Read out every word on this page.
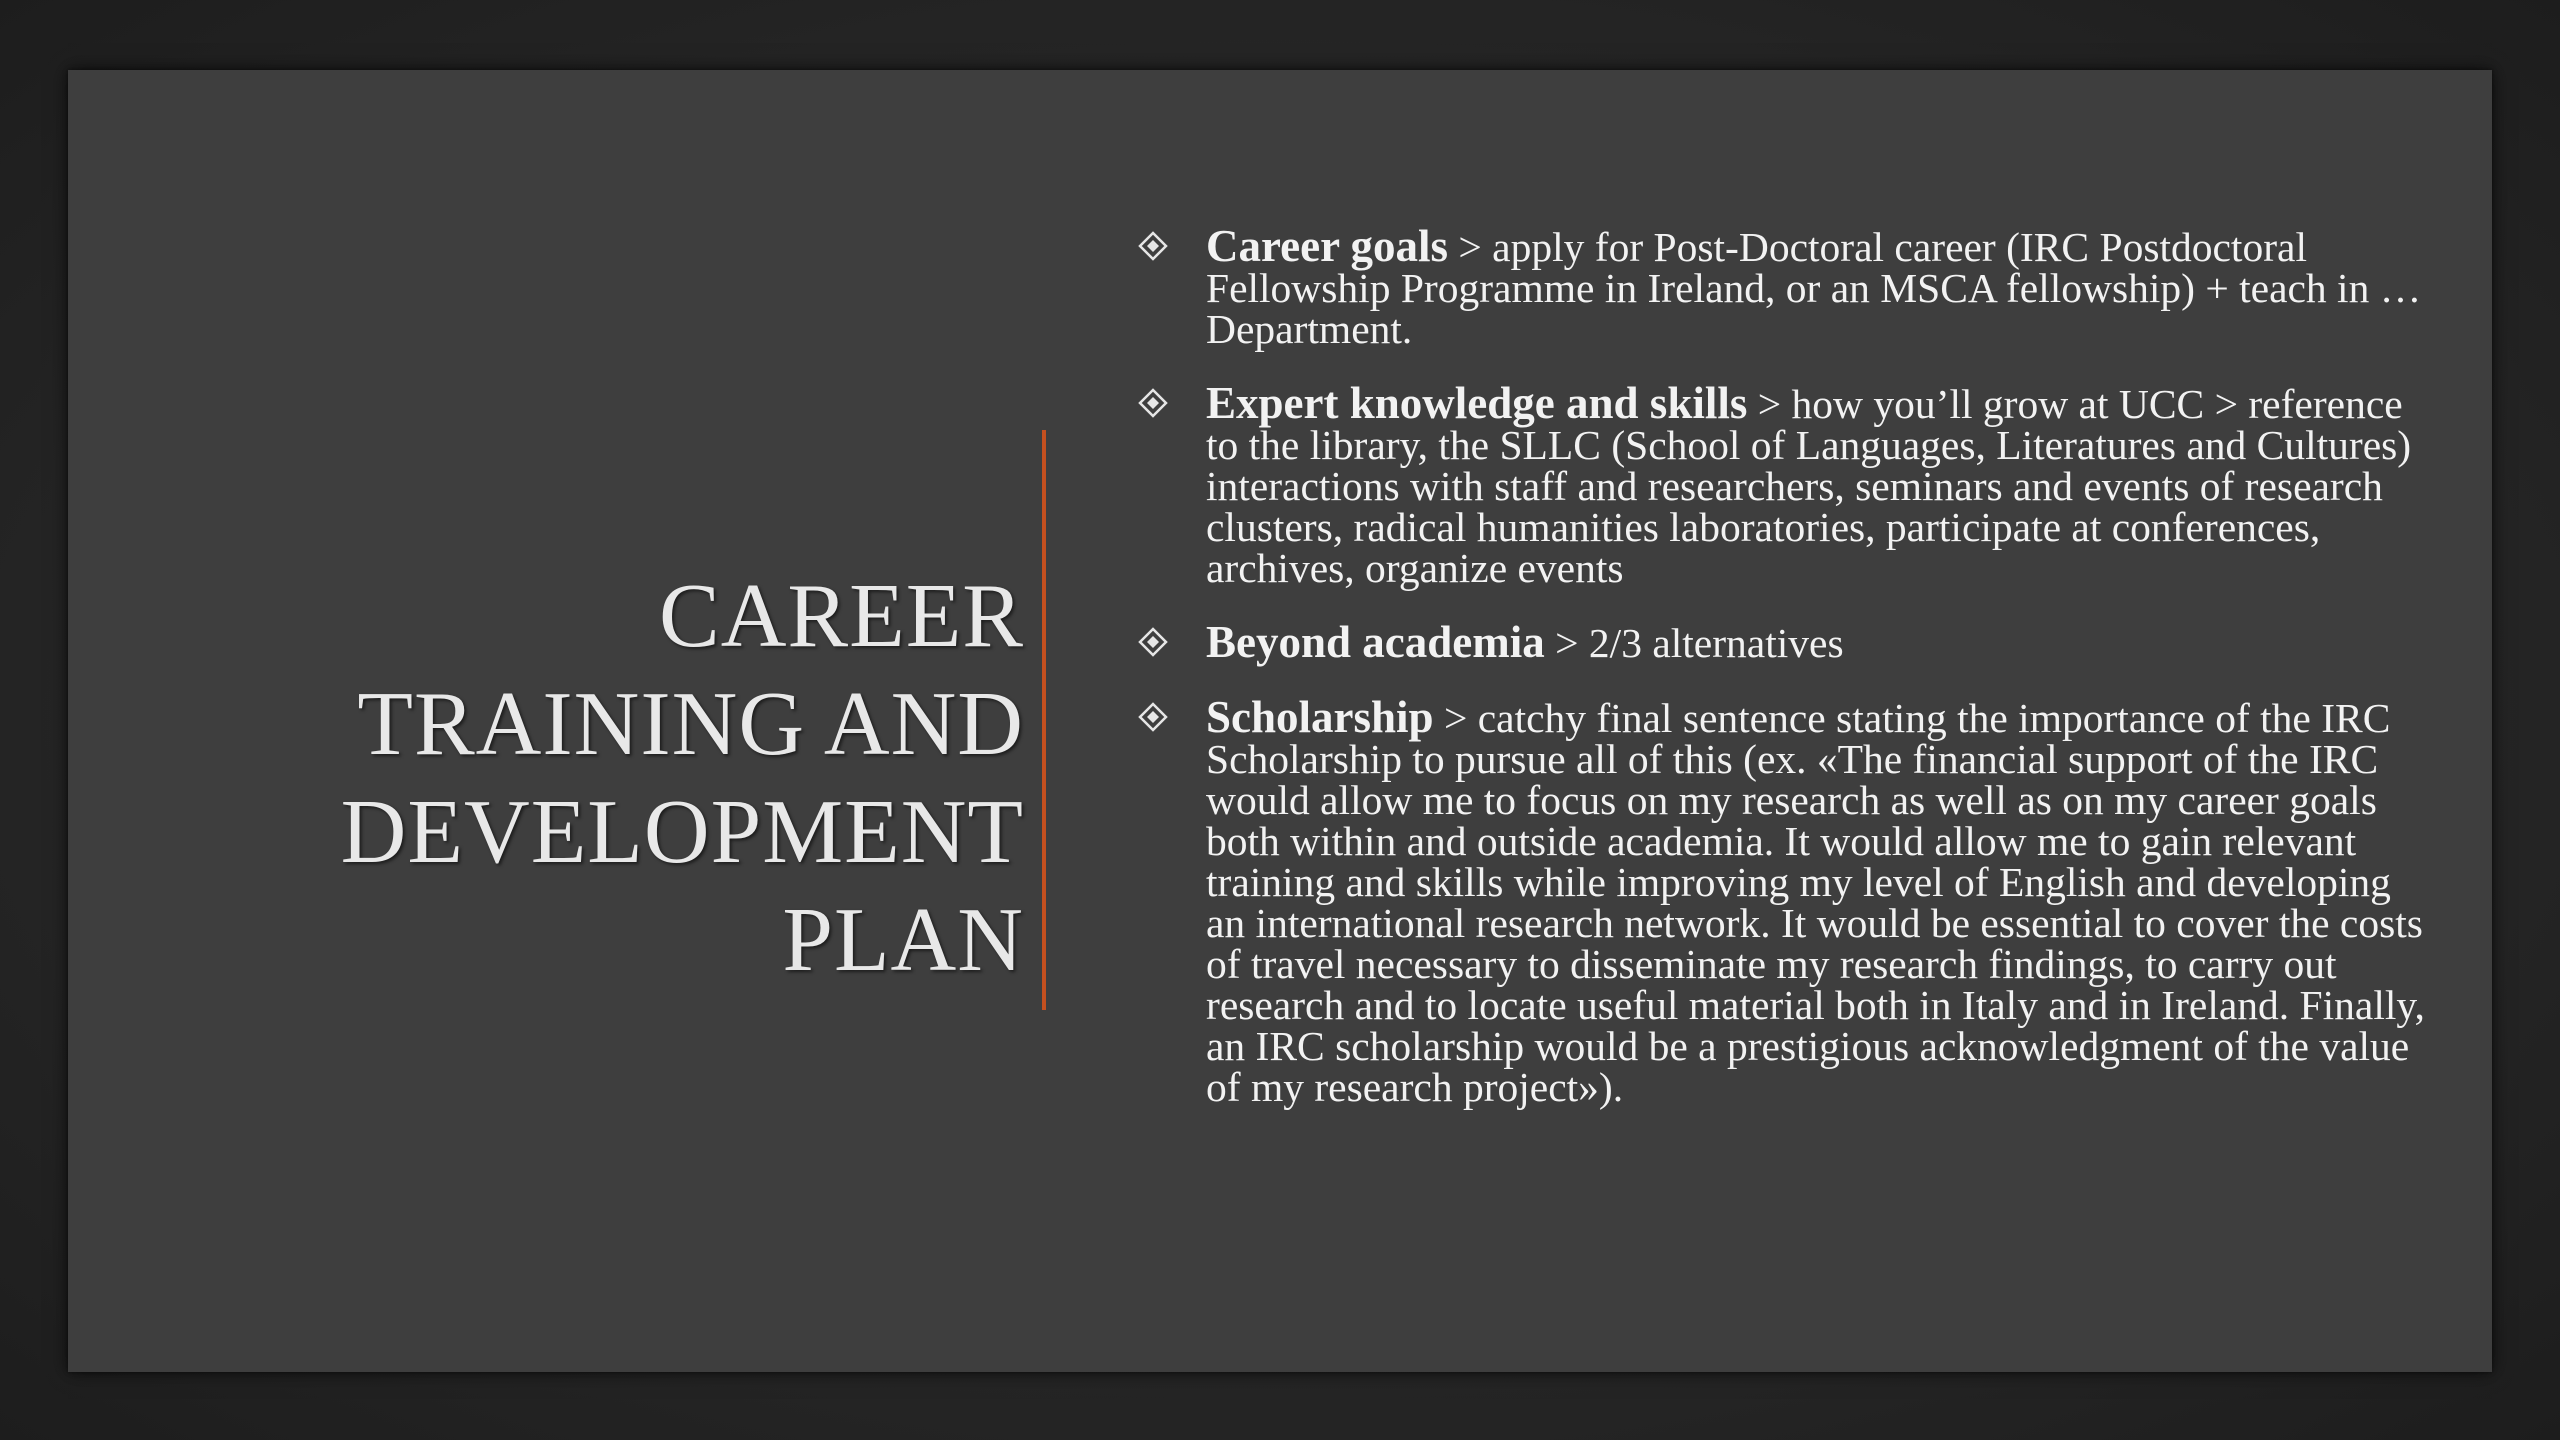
CAREER
TRAINING AND
DEVELOPMENT
PLAN
Career goals > apply for Post-Doctoral career (IRC Postdoctoral Fellowship Programme in Ireland, or an MSCA fellowship) + teach in … Department.
Expert knowledge and skills > how you’ll grow at UCC > reference to the library, the SLLC (School of Languages, Literatures and Cultures) interactions with staff and researchers, seminars and events of research clusters, radical humanities laboratories, participate at conferences, archives, organize events
Beyond academia > 2/3 alternatives
Scholarship > catchy final sentence stating the importance of the IRC Scholarship to pursue all of this (ex. «The financial support of the IRC would allow me to focus on my research as well as on my career goals both within and outside academia. It would allow me to gain relevant training and skills while improving my level of English and developing an international research network. It would be essential to cover the costs of travel necessary to disseminate my research findings, to carry out research and to locate useful material both in Italy and in Ireland. Finally, an IRC scholarship would be a prestigious acknowledgment of the value of my research project»).
